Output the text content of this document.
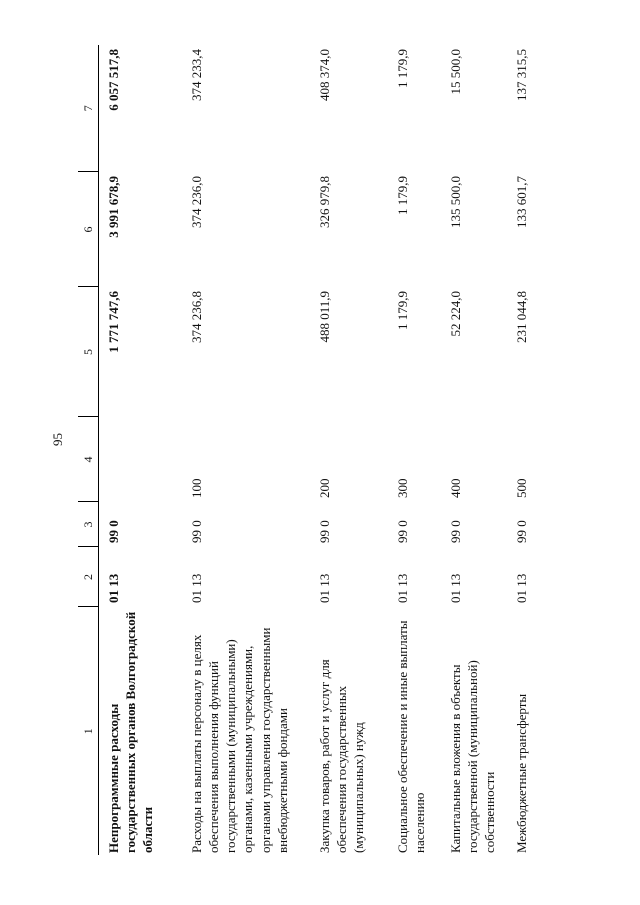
95
1	2	3	4	5	6	7
Непрограммные расходы государственных органов Волгоградской области	01 13	99 0		1 771 747,6	3 991 678,9	6 057 517,8
Расходы на выплаты персоналу в целях обеспечения выполнения функций государственными (муниципальными) органами, казенными учреждениями, органами управления государственными внебюджетными фондами	01 13	99 0	100	374 236,8	374 236,0	374 233,4
Закупка товаров, работ и услуг для обеспечения государственных (муниципальных) нужд	01 13	99 0	200	488 011,9	326 979,8	408 374,0
Социальное обеспечение и иные выплаты населению	01 13	99 0	300	1 179,9	1 179,9	1 179,9
Капитальные вложения в объекты государственной (муниципальной) собственности	01 13	99 0	400	52 224,0	135 500,0	15 500,0
Межбюджетные трансферты	01 13	99 0	500	231 044,8	133 601,7	137 315,5
